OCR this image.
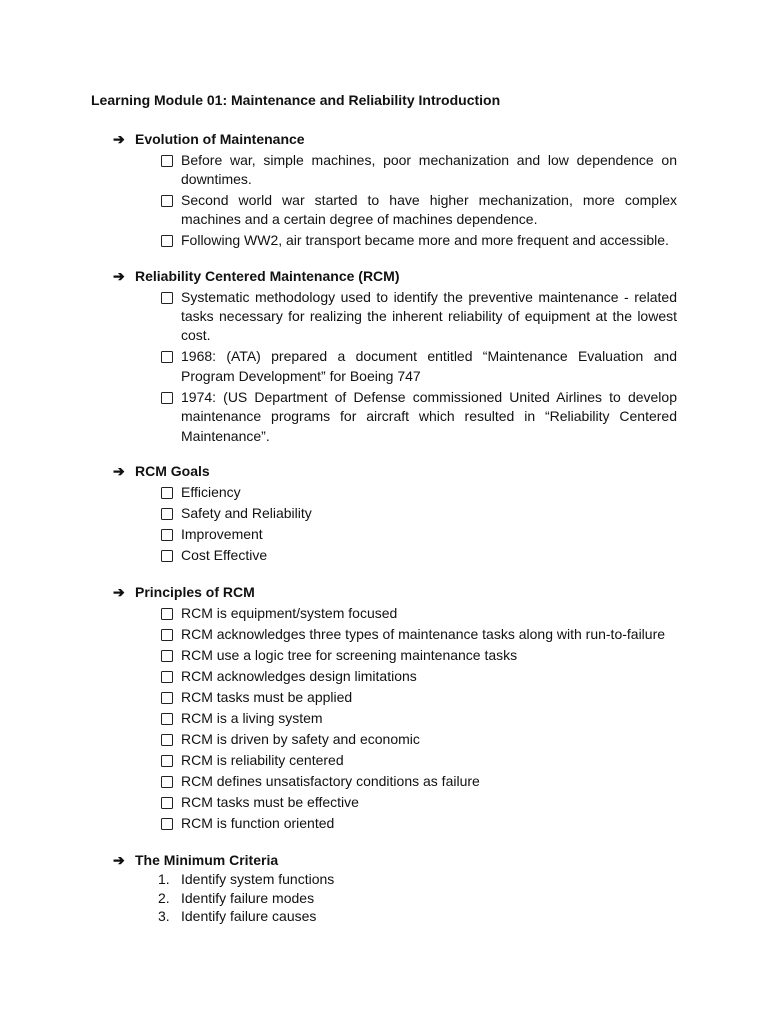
Learning Module 01: Maintenance and Reliability Introduction
➔ Evolution of Maintenance
Before war, simple machines, poor mechanization and low dependence on downtimes.
Second world war started to have higher mechanization, more complex machines and a certain degree of machines dependence.
Following WW2, air transport became more and more frequent and accessible.
➔ Reliability Centered Maintenance (RCM)
Systematic methodology used to identify the preventive maintenance - related tasks necessary for realizing the inherent reliability of equipment at the lowest cost.
1968: (ATA) prepared a document entitled “Maintenance Evaluation and Program Development” for Boeing 747
1974: (US Department of Defense commissioned United Airlines to develop maintenance programs for aircraft which resulted in “Reliability Centered Maintenance”.
➔ RCM Goals
Efficiency
Safety and Reliability
Improvement
Cost Effective
➔ Principles of RCM
RCM is equipment/system focused
RCM acknowledges three types of maintenance tasks along with run-to-failure
RCM use a logic tree for screening maintenance tasks
RCM acknowledges design limitations
RCM tasks must be applied
RCM is a living system
RCM is driven by safety and economic
RCM is reliability centered
RCM defines unsatisfactory conditions as failure
RCM tasks must be effective
RCM is function oriented
➔ The Minimum Criteria
1. Identify system functions
2. Identify failure modes
3. Identify failure causes
